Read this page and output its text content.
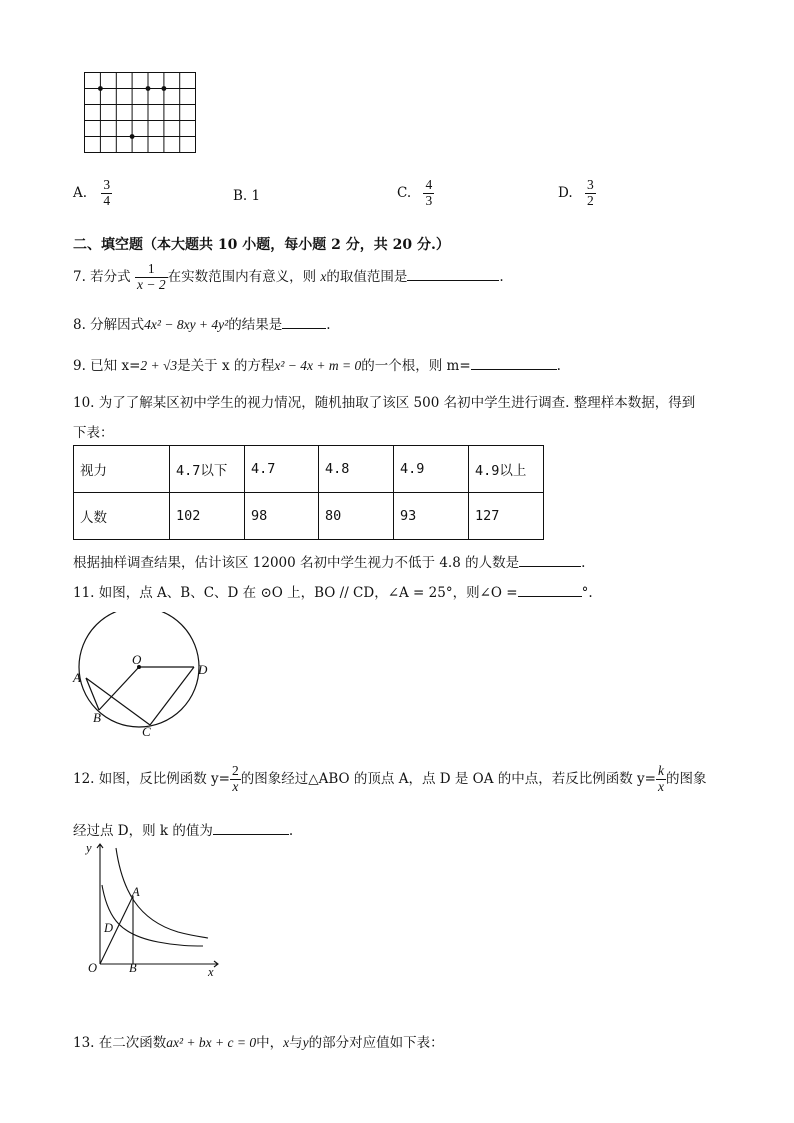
A. $\frac{3}{4}$	B. 1	C. $\frac{4}{3}$	D. $\frac{3}{2}$
二、填空题（本大题共 10 小题，每小题 2 分，共 20 分.）
7. 若分式 $\frac{1}{x - 2}$ 在实数范围内有意义，则 x的取值范围是	.
8. 分解因式4x² − 8xy + 4y²的结果是	.
9. 已知 x=2 + √3是关于 x 的方程x² − 4x + m = 0的一个根，则 m=	.
10. 为了了解某区初中学生的视力情况，随机抽取了该区 500 名初中学生进行调查. 整理样本数据，得到
下表：
视力	4.7以下	4.7	4.8	4.9	4.9以上
人数	102	98	80	93	127
根据抽样调查结果，估计该区 12000 名初中学生视力不低于 4.8 的人数是	.
11. 如图，点 A、B、C、D 在 ⊙O 上，BO // CD，∠A = 25°，则∠O =	°.
A
B
C
D
O
12. 如图，反比例函数 $y= \frac{2}{x}$ 的图象经过△ABO 的顶点 A，点 D 是 OA 的中点，若反比例函数 $y= \frac{k}{x}$ 的图象
经过点 D，则 k 的值为	.
y
x
O
A
B
D
13. 在二次函数ax² + bx + c = 0中，x与y的部分对应值如下表：
